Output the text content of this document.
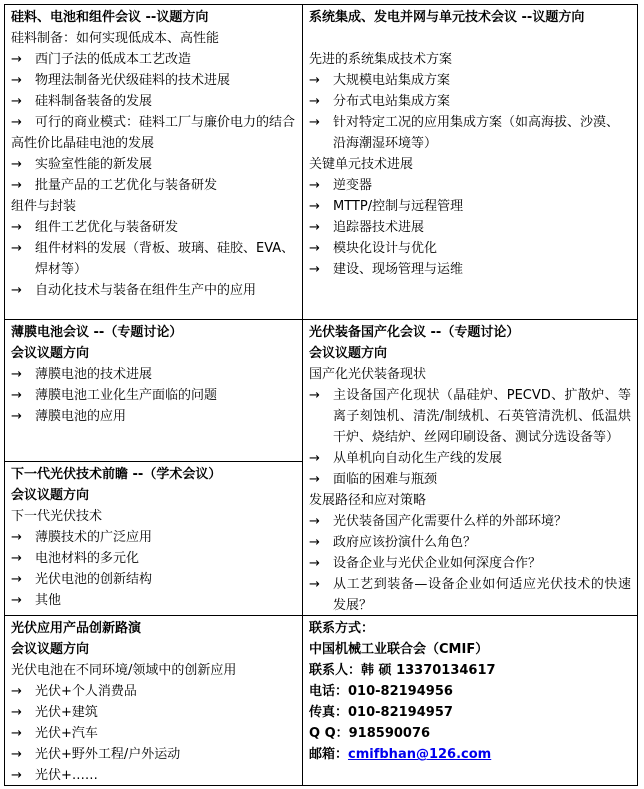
硅料、电池和组件会议 --议题方向
硅料制备：如何实现低成本、高性能
→	西门子法的低成本工艺改造
→	物理法制备光伏级硅料的技术进展
→	硅料制备装备的发展
→	可行的商业模式：硅料工厂与廉价电力的结合
高性价比晶硅电池的发展
→	实验室性能的新发展
→	批量产品的工艺优化与装备研发
组件与封装
→	组件工艺优化与装备研发
→	组件材料的发展（背板、玻璃、硅胶、EVA、焊材等）
→	自动化技术与装备在组件生产中的应用
系统集成、发电并网与单元技术会议 --议题方向
先进的系统集成技术方案
→	大规模电站集成方案
→	分布式电站集成方案
→	针对特定工况的应用集成方案（如高海拔、沙漠、沿海潮湿环境等）
关键单元技术进展
→	逆变器
→	MTTP/控制与远程管理
→	追踪器技术进展
→	模块化设计与优化
→	建设、现场管理与运维
薄膜电池会议 --（专题讨论）
会议议题方向
→	薄膜电池的技术进展
→	薄膜电池工业化生产面临的问题
→	薄膜电池的应用
光伏装备国产化会议 --（专题讨论）
会议议题方向
国产化光伏装备现状
→	主设备国产化现状（晶硅炉、PECVD、扩散炉、等离子刻蚀机、清洗/制绒机、石英管清洗机、低温烘干炉、烧结炉、丝网印刷设备、测试分选设备等）
→	从单机向自动化生产线的发展
→	面临的困难与瓶颈
发展路径和应对策略
→	光伏装备国产化需要什么样的外部环境？
→	政府应该扮演什么角色？
→	设备企业与光伏企业如何深度合作？
→	从工艺到装备—设备企业如何适应光伏技术的快速发展？
下一代光伏技术前瞻 --（学术会议）
会议议题方向
下一代光伏技术
→	薄膜技术的广泛应用
→	电池材料的多元化
→	光伏电池的创新结构
→	其他
光伏应用产品创新路演
会议议题方向
光伏电池在不同环境/领域中的创新应用
→	光伏+个人消费品
→	光伏+建筑
→	光伏+汽车
→	光伏+野外工程/户外运动
→	光伏+……
联系方式：
中国机械工业联合会（CMIF）
联系人：韩 硕 13370134617
电话：010-82194956
传真：010-82194957
Q Q：918590076
邮箱：cmifbhan@126.com
